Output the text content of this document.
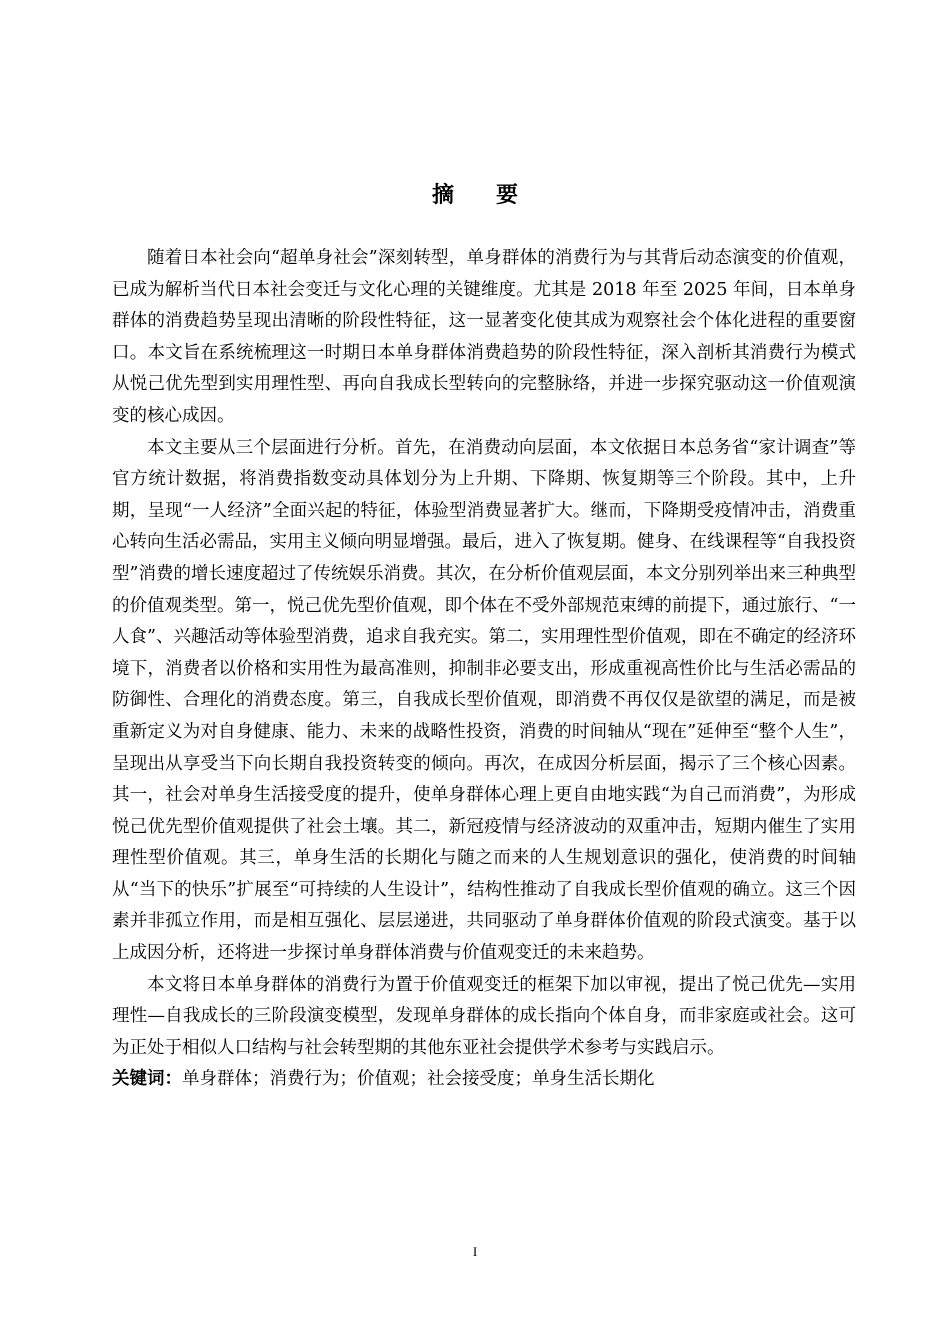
摘要

随着日本社会向“超单身社会”深刻转型，单身群体的消费行为与其背后动态演变的价值观，已成为解析当代日本社会变迁与文化心理的关键维度。尤其是 2018 年至 2025 年间，日本单身群体的消费趋势呈现出清晰的阶段性特征，这一显著变化使其成为观察社会个体化进程的重要窗口。本文旨在系统梳理这一时期日本单身群体消费趋势的阶段性特征，深入剖析其消费行为模式从悦己优先型到实用理性型、再向自我成长型转向的完整脉络，并进一步探究驱动这一价值观演变的核心成因。

本文主要从三个层面进行分析。首先，在消费动向层面，本文依据日本总务省“家计调查”等官方统计数据，将消费指数变动具体划分为上升期、下降期、恢复期等三个阶段。其中，上升期，呈现“一人经济”全面兴起的特征，体验型消费显著扩大。继而，下降期受疫情冲击，消费重心转向生活必需品，实用主义倾向明显增强。最后，进入了恢复期。健身、在线课程等“自我投资型”消费的增长速度超过了传统娱乐消费。其次，在分析价值观层面，本文分别列举出来三种典型的价值观类型。第一，悦己优先型价值观，即个体在不受外部规范束缚的前提下，通过旅行、“一人食”、兴趣活动等体验型消费，追求自我充实。第二，实用理性型价值观，即在不确定的经济环境下，消费者以价格和实用性为最高准则，抑制非必要支出，形成重视高性价比与生活必需品的防御性、合理化的消费态度。第三，自我成长型价值观，即消费不再仅仅是欲望的满足，而是被重新定义为对自身健康、能力、未来的战略性投资，消费的时间轴从“现在”延伸至“整个人生”，呈现出从享受当下向长期自我投资转变的倾向。再次，在成因分析层面，揭示了三个核心因素。其一，社会对单身生活接受度的提升，使单身群体心理上更自由地实践“为自己而消费”，为形成悦己优先型价值观提供了社会土壤。其二，新冠疫情与经济波动的双重冲击，短期内催生了实用理性型价值观。其三，单身生活的长期化与随之而来的人生规划意识的强化，使消费的时间轴从“当下的快乐”扩展至“可持续的人生设计”，结构性推动了自我成长型价值观的确立。这三个因素并非孤立作用，而是相互强化、层层递进，共同驱动了单身群体价值观的阶段式演变。基于以上成因分析，还将进一步探讨单身群体消费与价值观变迁的未来趋势。

本文将日本单身群体的消费行为置于价值观变迁的框架下加以审视，提出了悦己优先—实用理性—自我成长的三阶段演变模型，发现单身群体的成长指向个体自身，而非家庭或社会。这可为正处于相似人口结构与社会转型期的其他东亚社会提供学术参考与实践启示。

关键词：单身群体；消费行为；价值观；社会接受度；单身生活长期化

I
